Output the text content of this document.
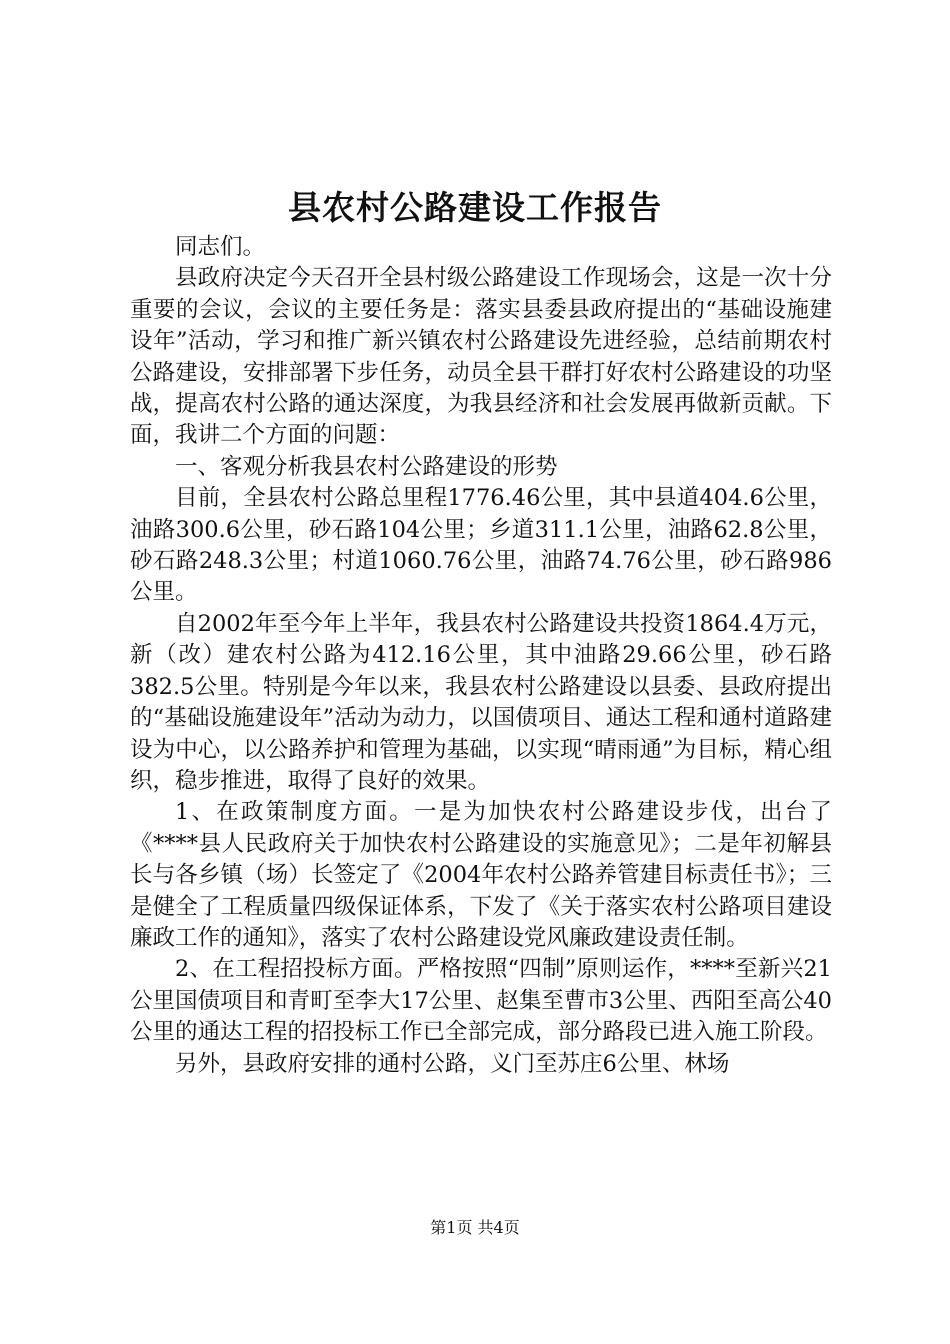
县农村公路建设工作报告

同志们。

县政府决定今天召开全县村级公路建设工作现场会，这是一次十分重要的会议，会议的主要任务是：落实县委县政府提出的“基础设施建设年”活动，学习和推广新兴镇农村公路建设先进经验，总结前期农村公路建设，安排部署下步任务，动员全县干群打好农村公路建设的功坚战，提高农村公路的通达深度，为我县经济和社会发展再做新贡献。下面，我讲二个方面的问题：

一、客观分析我县农村公路建设的形势

目前，全县农村公路总里程1776.46公里，其中县道404.6公里，油路300.6公里，砂石路104公里；乡道311.1公里，油路62.8公里，砂石路248.3公里；村道1060.76公里，油路74.76公里，砂石路986公里。

自2002年至今年上半年，我县农村公路建设共投资1864.4万元，新（改）建农村公路为412.16公里，其中油路29.66公里，砂石路382.5公里。特别是今年以来，我县农村公路建设以县委、县政府提出的“基础设施建设年”活动为动力，以国债项目、通达工程和通村道路建设为中心，以公路养护和管理为基础，以实现“晴雨通”为目标，精心组织，稳步推进，取得了良好的效果。

1、在政策制度方面。一是为加快农村公路建设步伐，出台了《****县人民政府关于加快农村公路建设的实施意见》；二是年初解县长与各乡镇（场）长签定了《2004年农村公路养管建目标责任书》；三是健全了工程质量四级保证体系，下发了《关于落实农村公路项目建设廉政工作的通知》，落实了农村公路建设党风廉政建设责任制。

2、在工程招投标方面。严格按照“四制”原则运作，****至新兴21公里国债项目和青町至李大17公里、赵集至曹市3公里、西阳至高公40公里的通达工程的招投标工作已全部完成，部分路段已进入施工阶段。

另外，县政府安排的通村公路，义门至苏庄6公里、林场

第1页 共4页
